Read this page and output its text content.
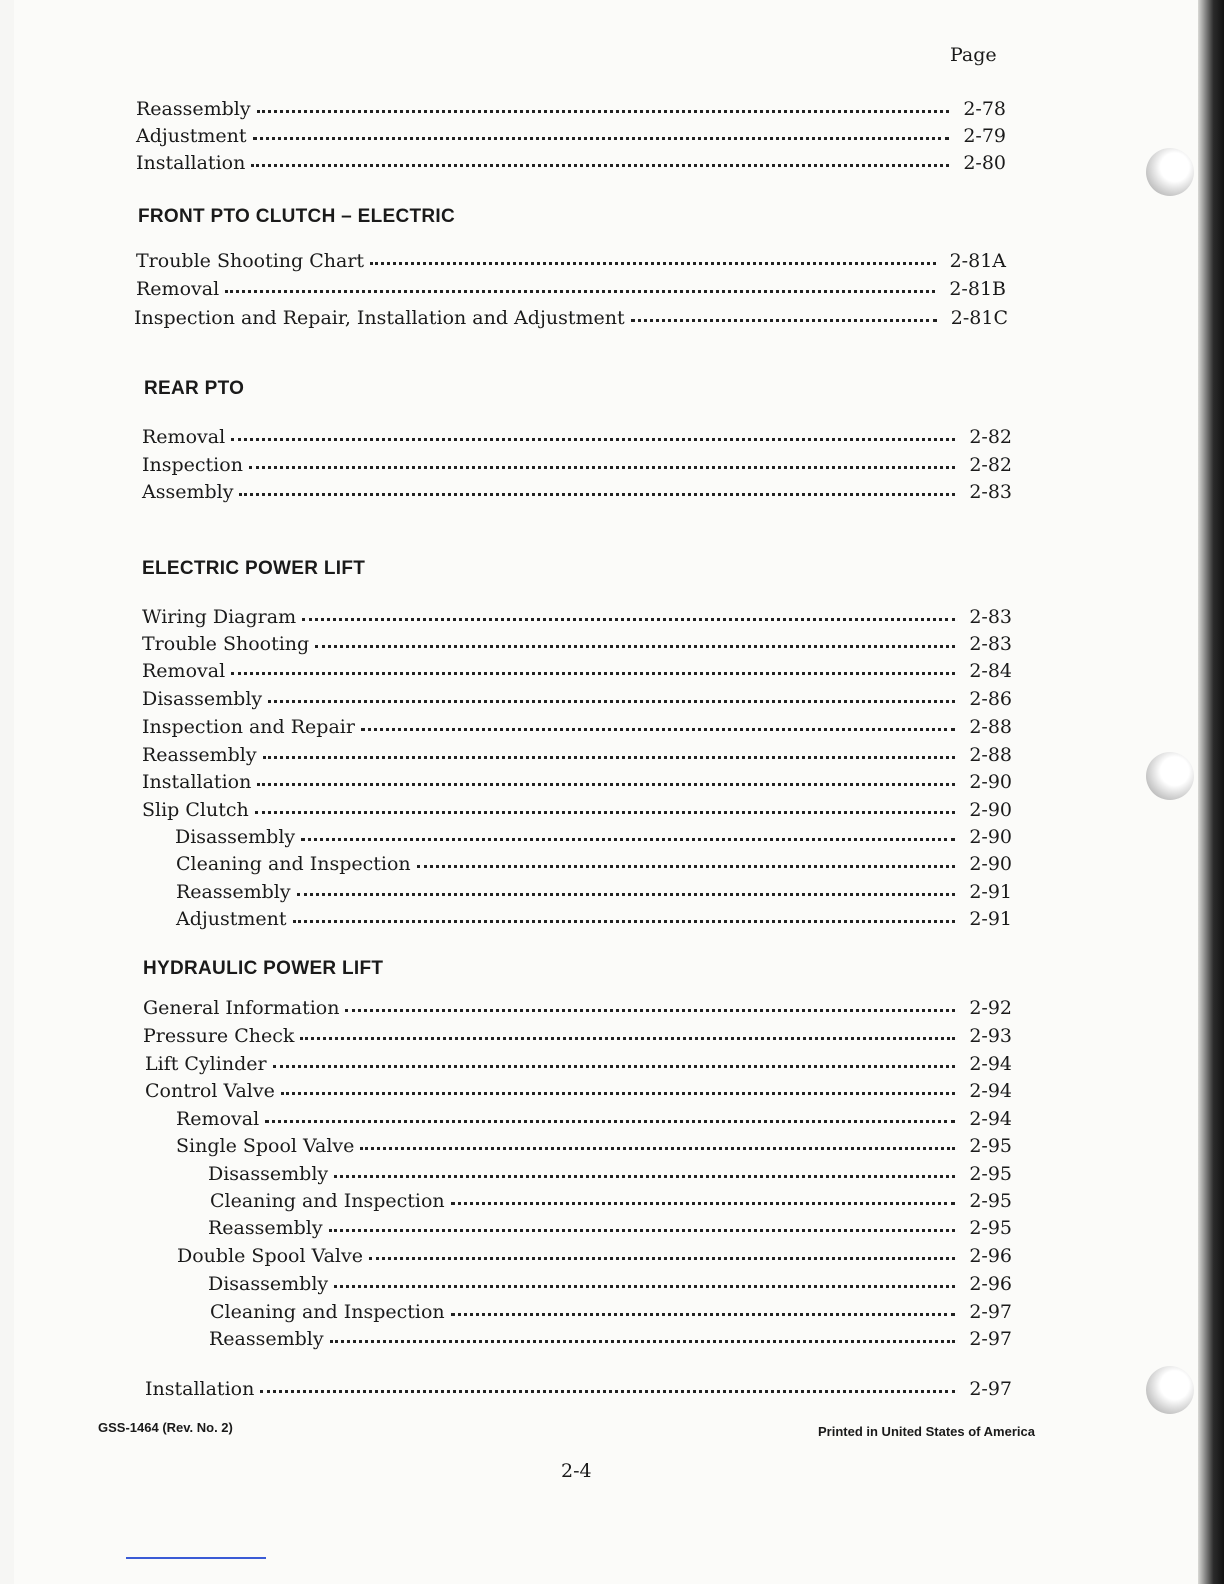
Page
Reassembly	2-78
Adjustment	2-79
Installation	2-80
FRONT PTO CLUTCH – ELECTRIC
Trouble Shooting Chart	2-81A
Removal	2-81B
Inspection and Repair, Installation and Adjustment	2-81C
REAR PTO
Removal	2-82
Inspection	2-82
Assembly	2-83
ELECTRIC POWER LIFT
Wiring Diagram	2-83
Trouble Shooting	2-83
Removal	2-84
Disassembly	2-86
Inspection and Repair	2-88
Reassembly	2-88
Installation	2-90
Slip Clutch	2-90
Disassembly	2-90
Cleaning and Inspection	2-90
Reassembly	2-91
Adjustment	2-91
HYDRAULIC POWER LIFT
General Information	2-92
Pressure Check	2-93
Lift Cylinder	2-94
Control Valve	2-94
Removal	2-94
Single Spool Valve	2-95
Disassembly	2-95
Cleaning and Inspection	2-95
Reassembly	2-95
Double Spool Valve	2-96
Disassembly	2-96
Cleaning and Inspection	2-97
Reassembly	2-97
Installation	2-97
GSS-1464 (Rev. No. 2)	Printed in United States of America
2-4
